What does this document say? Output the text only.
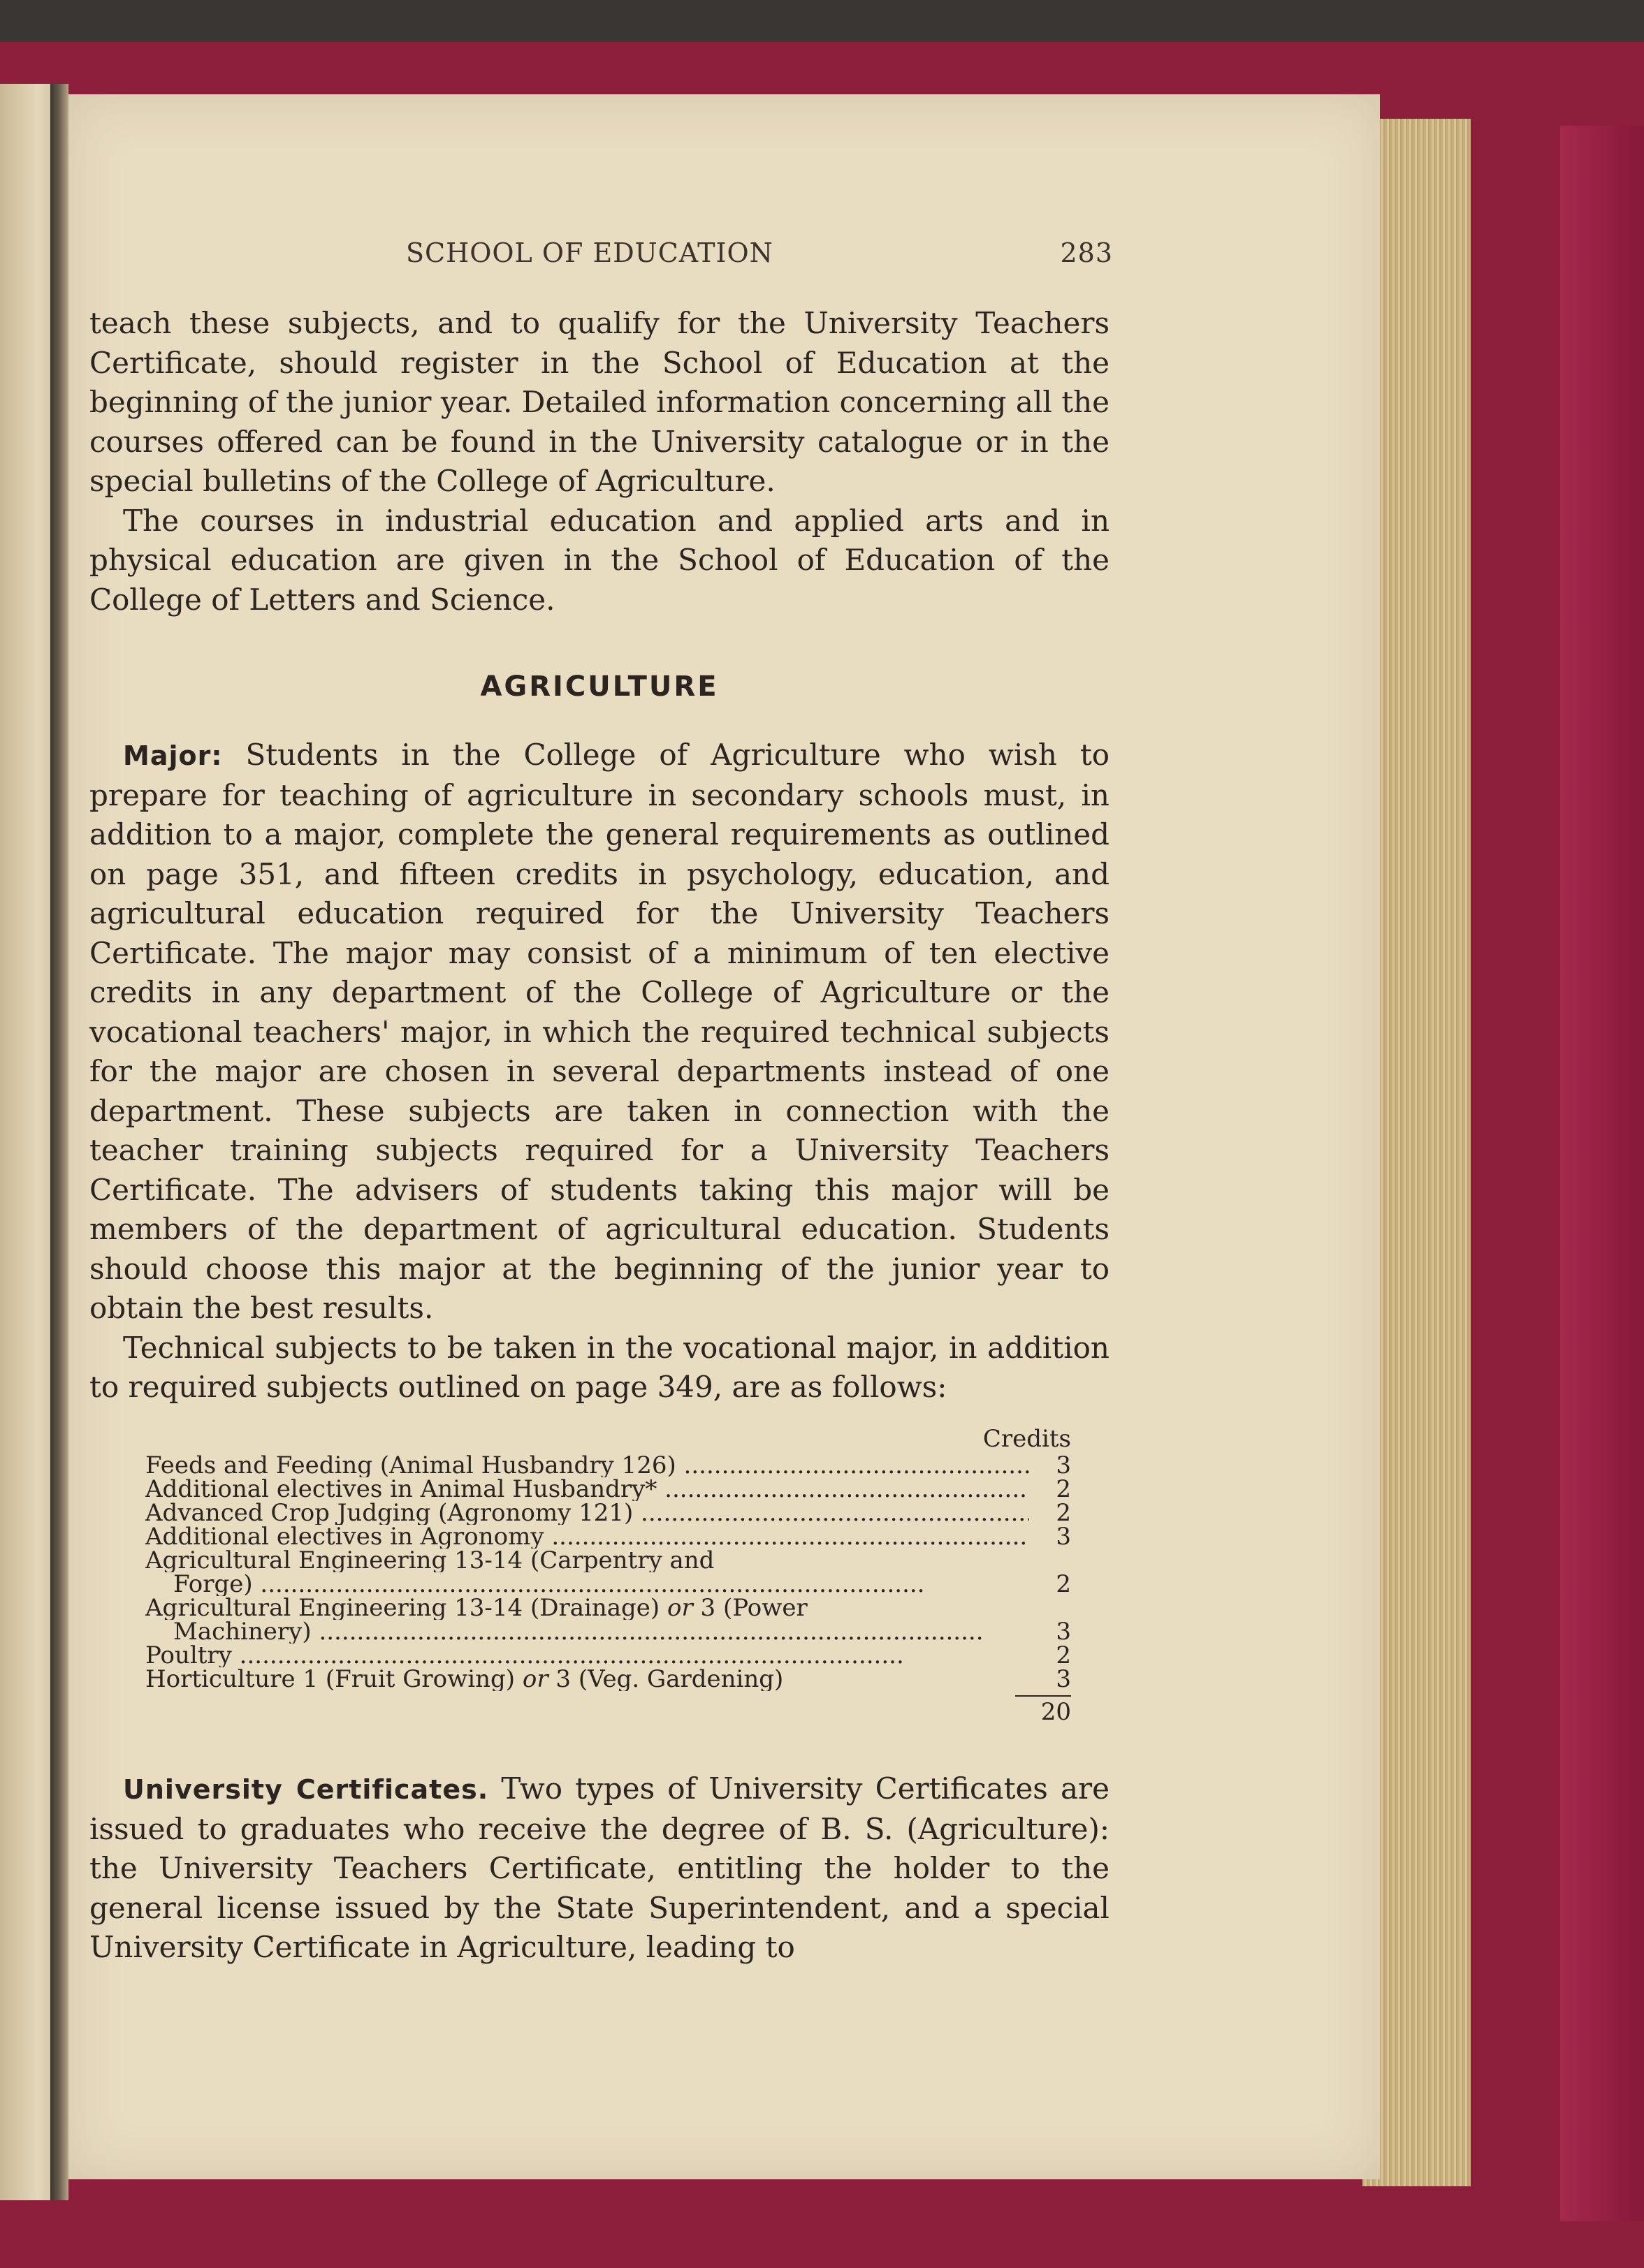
SCHOOL OF EDUCATION	283

teach these subjects, and to qualify for the University Teachers Certificate, should register in the School of Education at the beginning of the junior year. Detailed information concerning all the courses offered can be found in the University catalogue or in the special bulletins of the College of Agriculture.

The courses in industrial education and applied arts and in physical education are given in the School of Education of the College of Letters and Science.

AGRICULTURE

Major: Students in the College of Agriculture who wish to prepare for teaching of agriculture in secondary schools must, in addition to a major, complete the general requirements as outlined on page 351, and fifteen credits in psychology, education, and agricultural education required for the University Teachers Certificate. The major may consist of a minimum of ten elective credits in any department of the College of Agriculture or the vocational teachers' major, in which the required technical subjects for the major are chosen in several departments instead of one department. These subjects are taken in connection with the teacher training subjects required for a University Teachers Certificate. The advisers of students taking this major will be members of the department of agricultural education. Students should choose this major at the beginning of the junior year to obtain the best results.

Technical subjects to be taken in the vocational major, in addition to required subjects outlined on page 349, are as follows:

Credits
Feeds and Feeding (Animal Husbandry 126) .....	3
Additional electives in Animal Husbandry* .....	2
Advanced Crop Judging (Agronomy 121) .....	2
Additional electives in Agronomy .....	3
Agricultural Engineering 13-14 (Carpentry and
Forge) .....	2
Agricultural Engineering 13-14 (Drainage) or 3 (Power
Machinery) .....	3
Poultry .....	2
Horticulture 1 (Fruit Growing) or 3 (Veg. Gardening)	3
20

University Certificates. Two types of University Certificates are issued to graduates who receive the degree of B. S. (Agriculture): the University Teachers Certificate, entitling the holder to the general license issued by the State Superintendent, and a special University Certificate in Agriculture, leading to
